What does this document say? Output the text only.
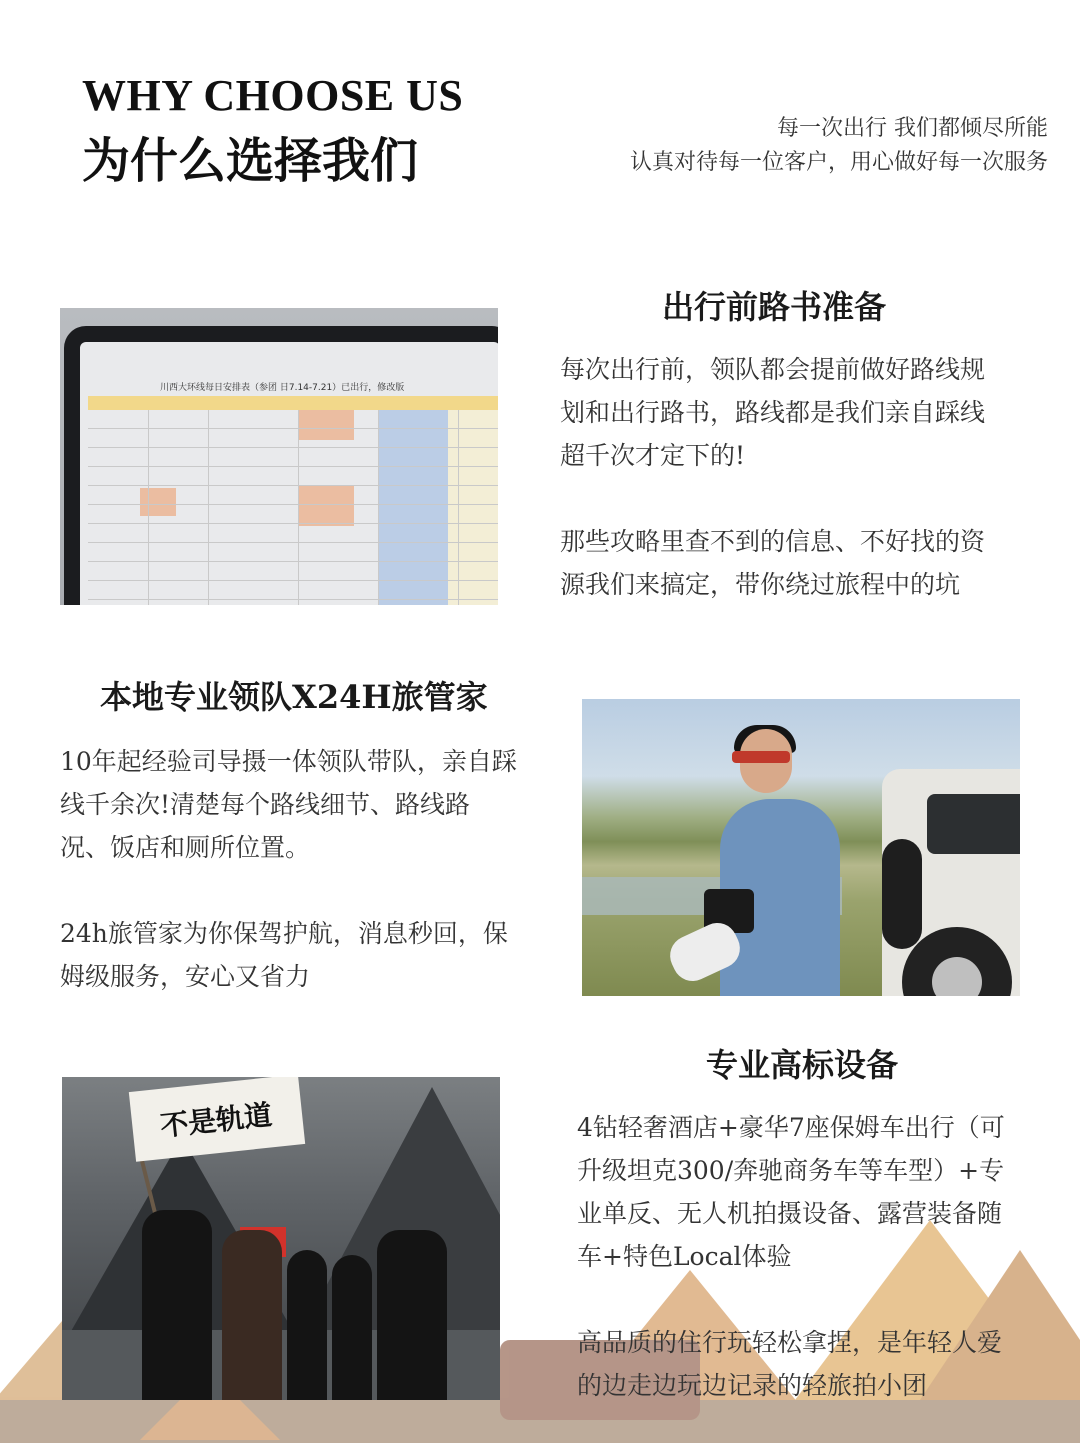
WHY CHOOSE US
为什么选择我们
每一次出行 我们都倾尽所能
认真对待每一位客户，用心做好每一次服务
川西大环线每日安排表（参团 日7.14-7.21）已出行，修改版
出行前路书准备
每次出行前，领队都会提前做好路线规
划和出行路书，路线都是我们亲自踩线
超千次才定下的!
那些攻略里查不到的信息、不好找的资
源我们来搞定，带你绕过旅程中的坑
本地专业领队X24H旅管家
10年起经验司导摄一体领队带队，亲自踩
线千余次!清楚每个路线细节、路线路
况、饭店和厕所位置。
24h旅管家为你保驾护航，消息秒回，保
姆级服务，安心又省力
专业高标设备
4钻轻奢酒店+豪华7座保姆车出行（可
升级坦克300/奔驰商务车等车型）+专
业单反、无人机拍摄设备、露营装备随
车+特色Local体验
高品质的住行玩轻松拿捏，是年轻人爱
的边走边玩边记录的轻旅拍小团
不是轨道
